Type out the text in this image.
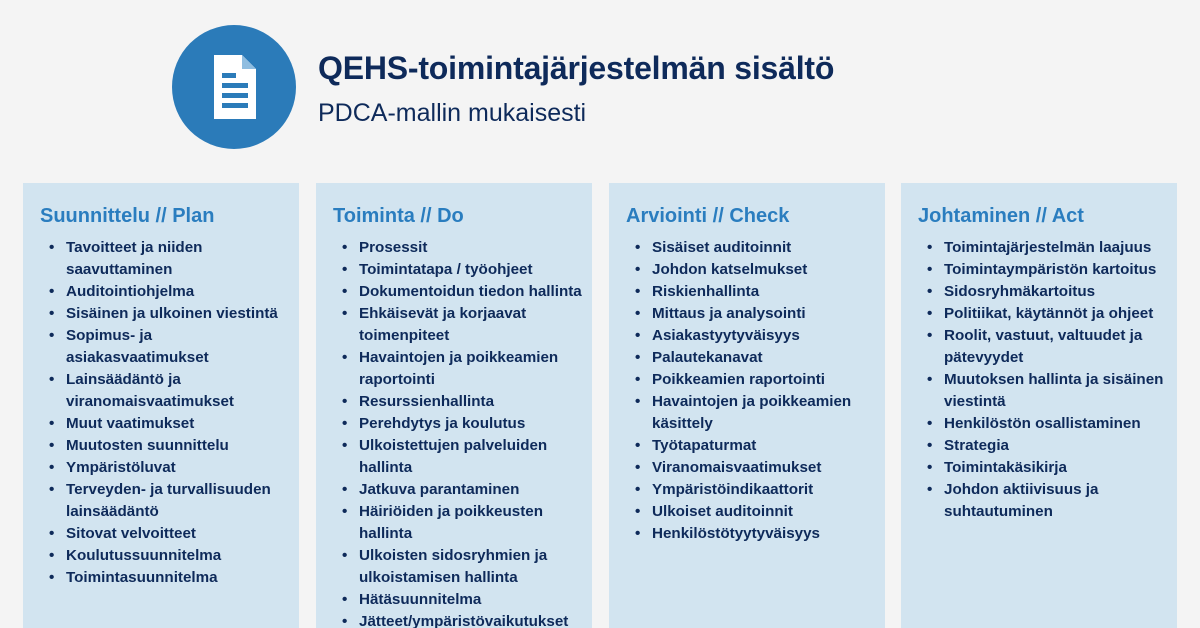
QEHS-toimintajärjestelmän sisältö
PDCA-mallin mukaisesti
Suunnittelu // Plan
• Tavoitteet ja niiden saavuttaminen
• Auditointiohjelma
• Sisäinen ja ulkoinen viestintä
• Sopimus- ja asiakasvaatimukset
• Lainsäädäntö ja viranomaisvaatimukset
• Muut vaatimukset
• Muutosten suunnittelu
• Ympäristöluvat
• Terveyden- ja turvallisuuden lainsäädäntö
• Sitovat velvoitteet
• Koulutussuunnitelma
• Toimintasuunnitelma
Toiminta // Do
• Prosessit
• Toimintatapa / työohjeet
• Dokumentoidun tiedon hallinta
• Ehkäisevät ja korjaavat toimenpiteet
• Havaintojen ja poikkeamien raportointi
• Resurssienhallinta
• Perehdytys ja koulutus
• Ulkoistettujen palveluiden hallinta
• Jatkuva parantaminen
• Häiriöiden ja poikkeusten hallinta
• Ulkoisten sidosryhmien ja ulkoistamisen hallinta
• Hätäsuunnitelma
• Jätteet/ympäristövaikutukset
Arviointi // Check
• Sisäiset auditoinnit
• Johdon katselmukset
• Riskienhallinta
• Mittaus ja analysointi
• Asiakastyytyväisyys
• Palautekanavat
• Poikkeamien raportointi
• Havaintojen ja poikkeamien käsittely
• Työtapaturmat
• Viranomaisvaatimukset
• Ympäristöindikaattorit
• Ulkoiset auditoinnit
• Henkilöstötyytyväisyys
Johtaminen // Act
• Toimintajärjestelmän laajuus
• Toimintaympäristön kartoitus
• Sidosryhmäkartoitus
• Politiikat, käytännöt ja ohjeet
• Roolit, vastuut, valtuudet ja pätevyydet
• Muutoksen hallinta ja sisäinen viestintä
• Henkilöstön osallistaminen
• Strategia
• Toimintakäsikirja
• Johdon aktiivisuus ja suhtautuminen
